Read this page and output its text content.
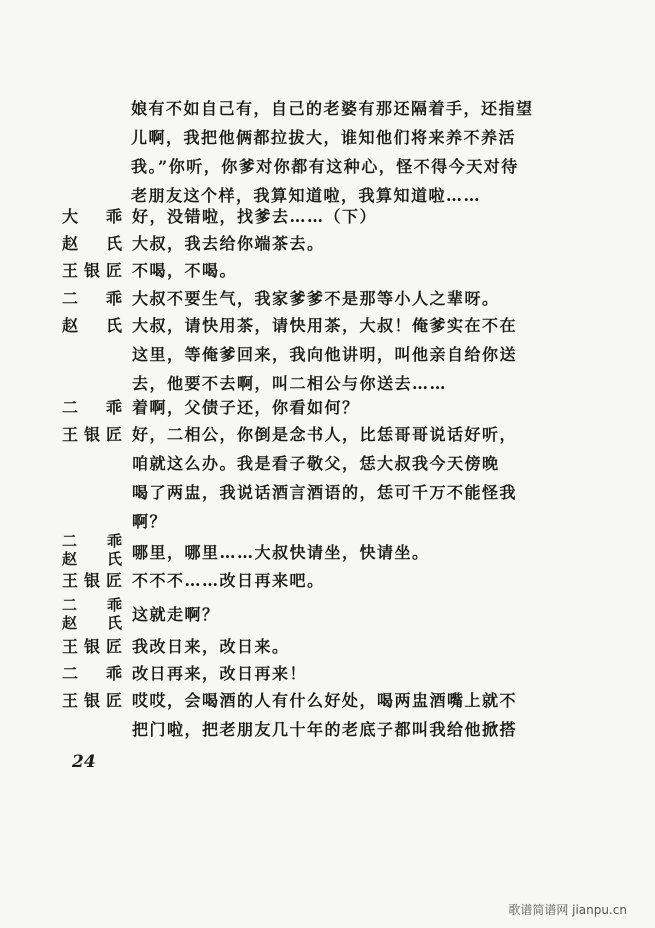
娘有不如自己有，自己的老婆有那还隔着手，还指望
儿啊，我把他俩都拉拔大，谁知他们将来养不养活
我。”你听，你爹对你都有这种心，怪不得今天对待
老朋友这个样，我算知道啦，我算知道啦……
大乖 好，没错啦，找爹去……（下）
赵氏 大叔，我去给你端茶去。
王银匠 不喝，不喝。
二乖 大叔不要生气，我家爹爹不是那等小人之辈呀。
赵氏 大叔，请快用茶，请快用茶，大叔！俺爹实在不在
这里，等俺爹回来，我向他讲明，叫他亲自给你送
去，他要不去啊，叫二相公与你送去……
二乖 着啊，父债子还，你看如何？
王银匠 好，二相公，你倒是念书人，比恁哥哥说话好听，
咱就这么办。我是看子敬父，恁大叔我今天傍晚
喝了两盅，我说话酒言酒语的，恁可千万不能怪我
啊？
二乖
赵氏 哪里，哪里……大叔快请坐，快请坐。
王银匠 不不不……改日再来吧。
二乖
赵氏 这就走啊？
王银匠 我改日来，改日来。
二乖 改日再来，改日再来！
王银匠 哎哎，会喝酒的人有什么好处，喝两盅酒嘴上就不
把门啦，把老朋友几十年的老底子都叫我给他掀搭
24
歌谱简谱网 jianpu.cn
